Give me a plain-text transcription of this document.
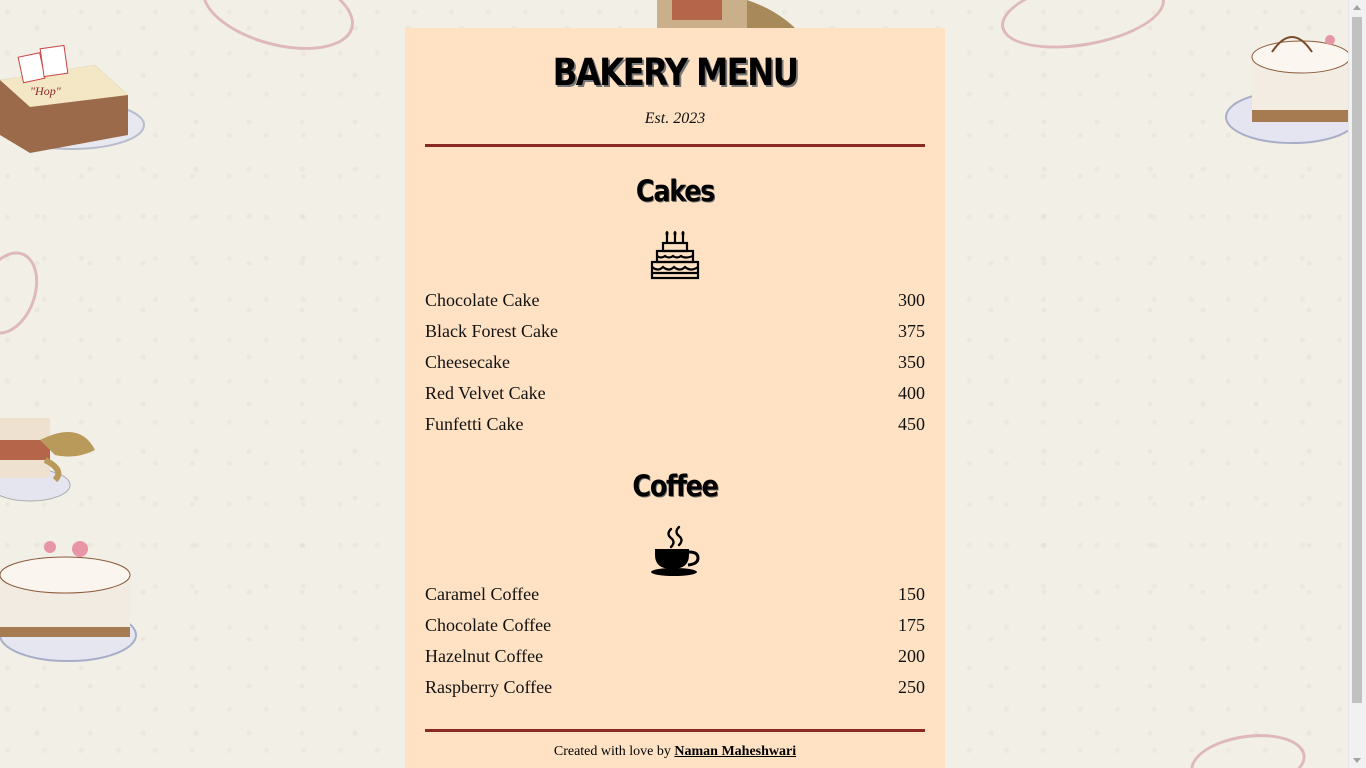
"Hop"	BAKERY MENU
Est. 2023
Cakes
Chocolate Cake	300
Black Forest Cake	375
Cheesecake	350
Red Velvet Cake	400
Funfetti Cake	450
Coffee
Caramel Coffee	150
Chocolate Coffee	175
Hazelnut Coffee	200
Raspberry Coffee	250
Created with love by Naman Maheshwari
